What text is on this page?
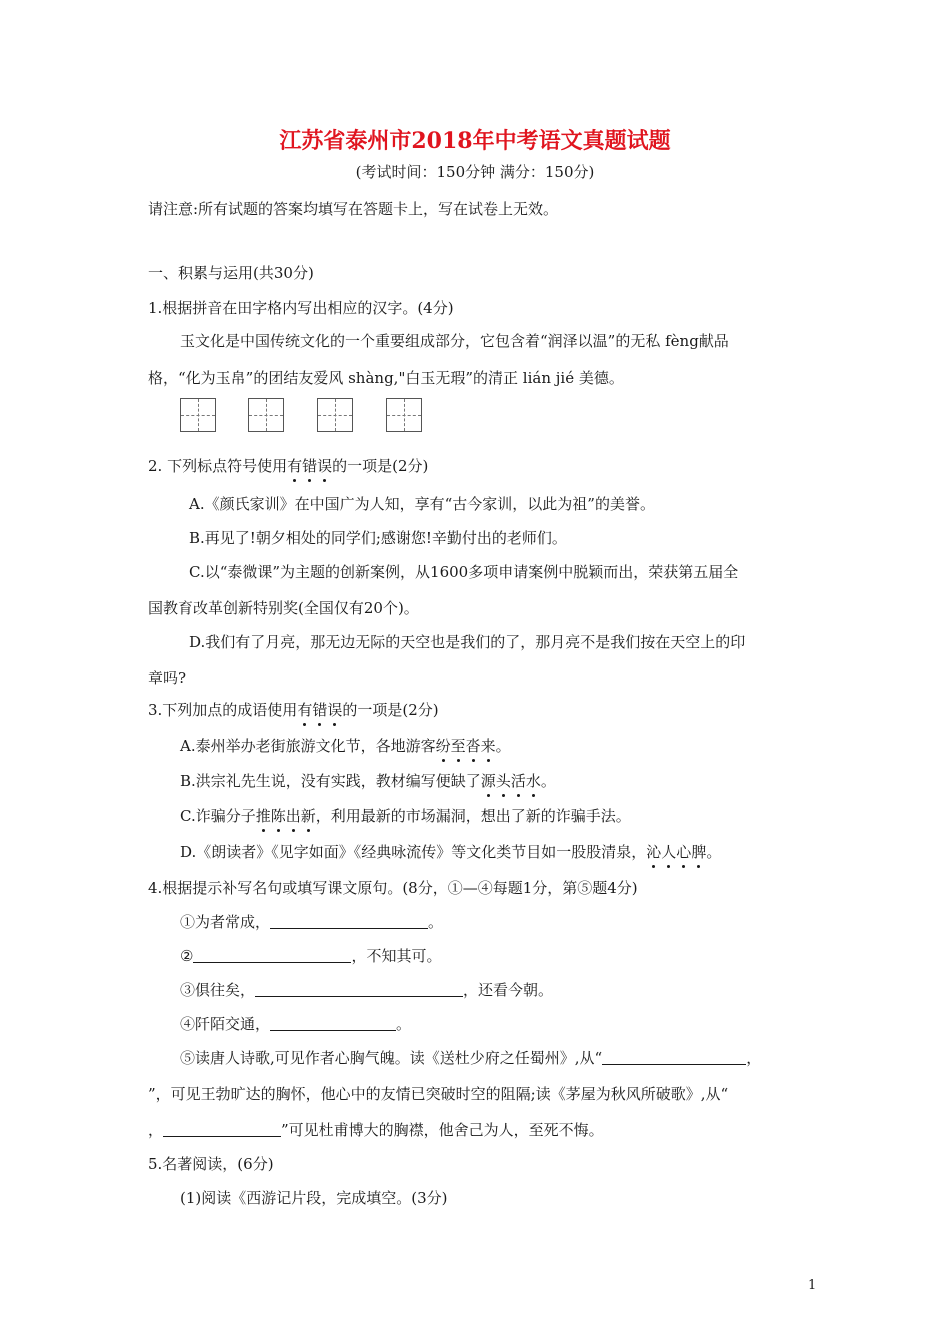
江苏省泰州市2018年中考语文真题试题
(考试时间：150分钟 满分：150分)
请注意:所有试题的答案均填写在答题卡上，写在试卷上无效。
一、积累与运用(共30分)
1.根据拼音在田字格内写出相应的汉字。(4分)
玉文化是中国传统文化的一个重要组成部分，它包含着“润泽以温”的无私 fèng献品
格，“化为玉帛”的团结友爱风 shàng,"白玉无瑕”的清正 lián jié 美德。
2. 下列标点符号使用有错误的一项是(2分)
A.《颜氏家训》在中国广为人知，享有“古今家训，以此为祖”的美誉。
B.再见了!朝夕相处的同学们;感谢您!辛勤付出的老师们。
C.以“泰微课”为主题的创新案例，从1600多项申请案例中脱颖而出，荣获第五届全
国教育改革创新特别奖(全国仅有20个)。
D.我们有了月亮，那无边无际的天空也是我们的了，那月亮不是我们按在天空上的印
章吗?
3.下列加点的成语使用有错误的一项是(2分)
A.泰州举办老街旅游文化节，各地游客纷至沓来。
B.洪宗礼先生说，没有实践，教材编写便缺了源头活水。
C.诈骗分子推陈出新，利用最新的市场漏洞，想出了新的诈骗手法。
D.《朗读者》《见字如面》《经典咏流传》等文化类节目如一股股清泉，沁人心脾。
4.根据提示补写名句或填写课文原句。(8分，①—④每题1分，第⑤题4分)
①为者常成，	。
②	，不知其可。
③俱往矣，	，还看今朝。
④阡陌交通，	。
⑤读唐人诗歌,可见作者心胸气魄。读《送杜少府之任蜀州》,从“	，
”，可见王勃旷达的胸怀，他心中的友情已突破时空的阻隔;读《茅屋为秋风所破歌》,从“
，	”可见杜甫博大的胸襟，他舍己为人，至死不悔。
5.名著阅读，(6分)
(1)阅读《西游记片段，完成填空。(3分)
1
